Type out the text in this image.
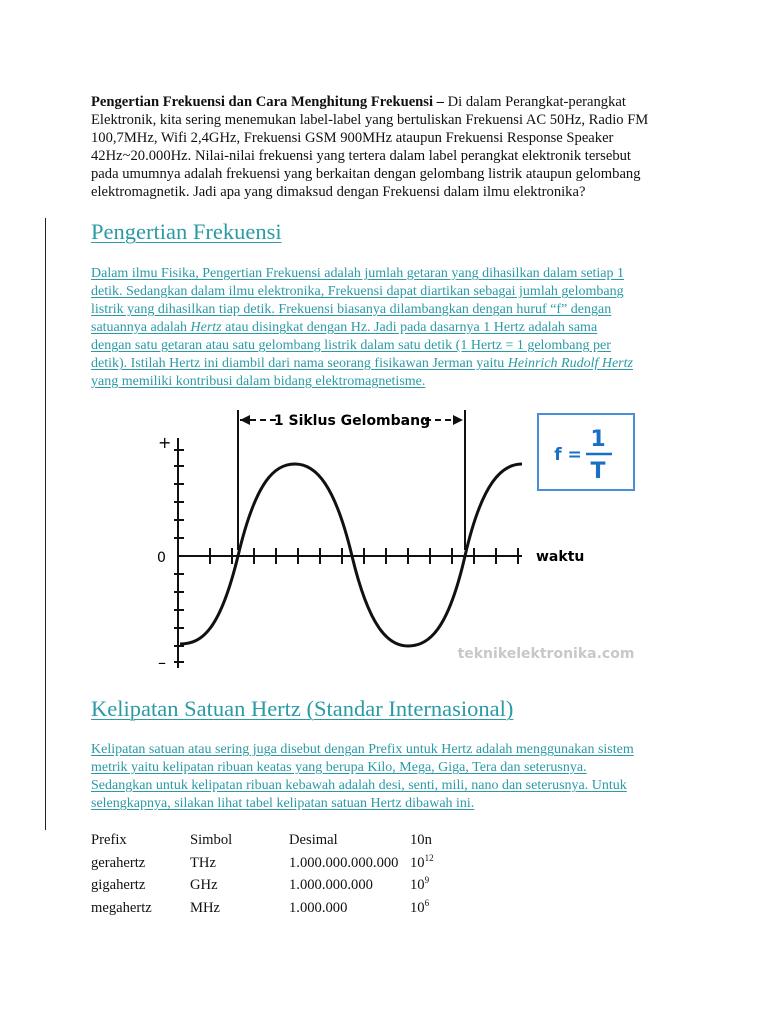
Pengertian Frekuensi dan Cara Menghitung Frekuensi – Di dalam Perangkat-perangkat
Elektronik, kita sering menemukan label-label yang bertuliskan Frekuensi AC 50Hz, Radio FM
100,7MHz, Wifi 2,4GHz, Frekuensi GSM 900MHz ataupun Frekuensi Response Speaker
42Hz~20.000Hz. Nilai-nilai frekuensi yang tertera dalam label perangkat elektronik tersebut
pada umumnya adalah frekuensi yang berkaitan dengan gelombang listrik ataupun gelombang
elektromagnetik. Jadi apa yang dimaksud dengan Frekuensi dalam ilmu elektronika?
Pengertian Frekuensi
Dalam ilmu Fisika, Pengertian Frekuensi adalah jumlah getaran yang dihasilkan dalam setiap 1
detik. Sedangkan dalam ilmu elektronika, Frekuensi dapat diartikan sebagai jumlah gelombang
listrik yang dihasilkan tiap detik. Frekuensi biasanya dilambangkan dengan huruf “f” dengan
satuannya adalah Hertz atau disingkat dengan Hz. Jadi pada dasarnya 1 Hertz adalah sama
dengan satu getaran atau satu gelombang listrik dalam satu detik (1 Hertz = 1 gelombang per
detik). Istilah Hertz ini diambil dari nama seorang fisikawan Jerman yaitu Heinrich Rudolf Hertz
yang memiliki kontribusi dalam bidang elektromagnetisme.
1 Siklus Gelombang
+
0
–
waktu
f =
1
T
teknikelektronika.com
Kelipatan Satuan Hertz (Standar Internasional)
Kelipatan satuan atau sering juga disebut dengan Prefix untuk Hertz adalah menggunakan sistem
metrik yaitu kelipatan ribuan keatas yang berupa Kilo, Mega, Giga, Tera dan seterusnya.
Sedangkan untuk kelipatan ribuan kebawah adalah desi, senti, mili, nano dan seterusnya. Untuk
selengkapnya, silakan lihat tabel kelipatan satuan Hertz dibawah ini.
Prefix	Simbol	Desimal	10n
gerahertz	THz	1.000.000.000.000	$10^{12}$
gigahertz	GHz	1.000.000.000	$10^9$
megahertz	MHz	1.000.000	$10^6$
